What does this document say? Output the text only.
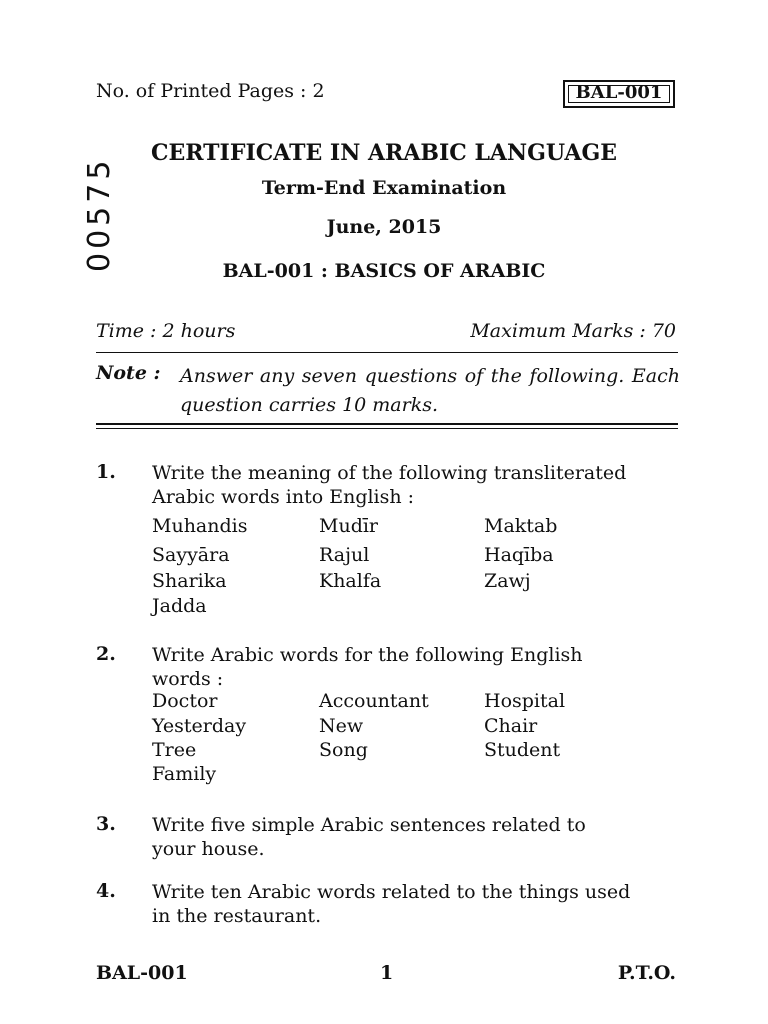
No. of Printed Pages : 2	BAL-001
00575
CERTIFICATE IN ARABIC LANGUAGE
Term-End Examination
June, 2015
BAL-001 : BASICS OF ARABIC
Time : 2 hours	Maximum Marks : 70
Note : Answer any seven questions of the following. Each question carries 10 marks.
1. Write the meaning of the following transliterated Arabic words into English :
Muhandis	Mudīr	Maktab
Sayyāra	Rajul	Haqība
Sharika	Khalfa	Zawj
Jadda
2. Write Arabic words for the following English words :
Doctor	Accountant	Hospital
Yesterday	New	Chair
Tree	Song	Student
Family
3. Write five simple Arabic sentences related to your house.
4. Write ten Arabic words related to the things used in the restaurant.
BAL-001	1	P.T.O.
